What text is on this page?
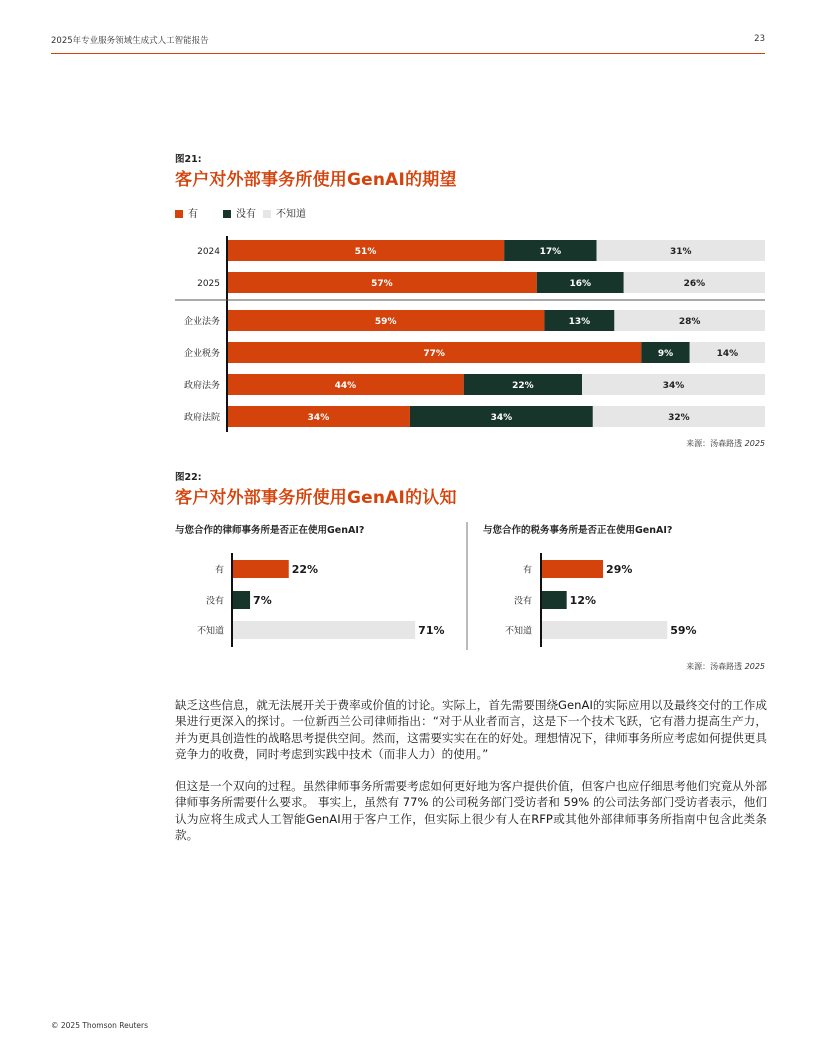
2025年专业服务领域生成式人工智能报告	23
图21:
客户对外部事务所使用GenAI的期望
有	没有	不知道
2024	51%	17%	31%
2025	57%	16%	26%
企业法务	59%	13%	28%
企业税务	77%	9%	14%
政府法务	44%	22%	34%
政府法院	34%	34%	32%
有	22%
没有	7%
不知道	71%
有	29%
没有	12%
不知道	59%
来源：汤森路透 2025
图22:
客户对外部事务所使用GenAI的认知
与您合作的律师事务所是否正在使用GenAI?	与您合作的税务事务所是否正在使用GenAI?
来源：汤森路透 2025

缺乏这些信息，就无法展开关于费率或价值的讨论。实际上，首先需要围绕GenAI的实际应用以及最终交付的工作成果进行更深入的探讨。一位新西兰公司律师指出：“对于从业者而言，这是下一个技术飞跃，它有潜力提高生产力，并为更具创造性的战略思考提供空间。然而，这需要实实在在的好处。理想情况下，律师事务所应考虑如何提供更具竞争力的收费，同时考虑到实践中技术（而非人力）的使用。”

但这是一个双向的过程。虽然律师事务所需要考虑如何更好地为客户提供价值，但客户也应仔细思考他们究竟从外部律师事务所需要什么要求。 事实上，虽然有 77% 的公司税务部门受访者和 59% 的公司法务部门受访者表示，他们认为应将生成式人工智能GenAI用于客户工作，但实际上很少有人在RFP或其他外部律师事务所指南中包含此类条款。

© 2025 Thomson Reuters
